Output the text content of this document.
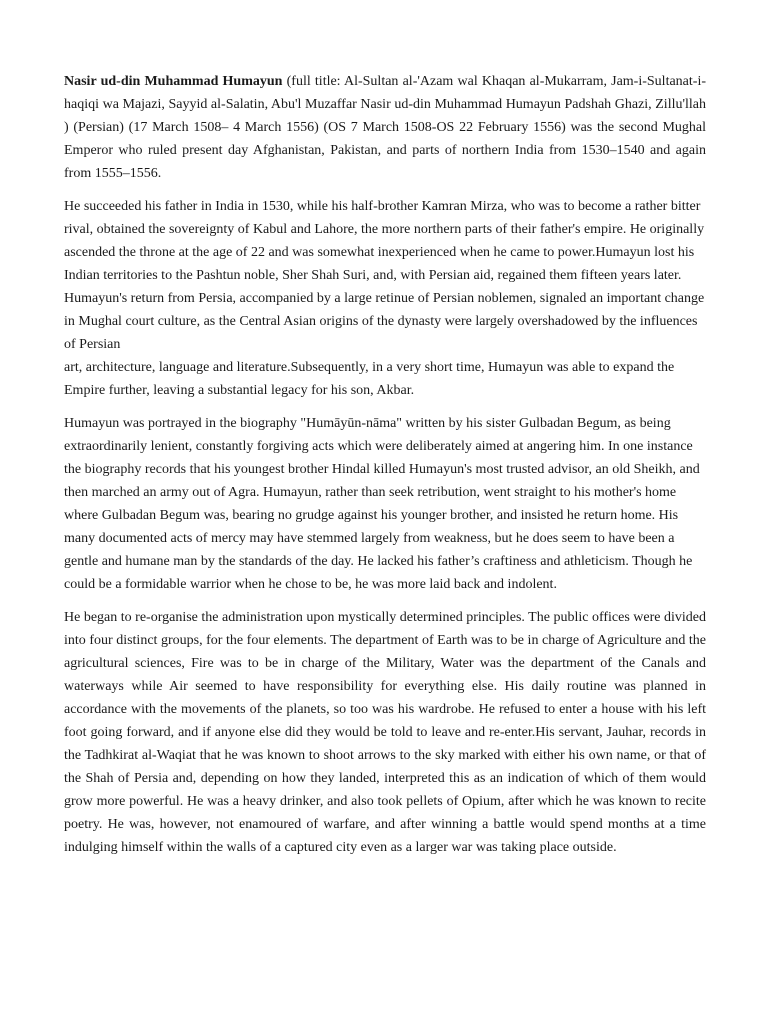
Nasir ud-din Muhammad Humayun (full title: Al-Sultan al-'Azam wal Khaqan al-Mukarram, Jam-i-Sultanat-i-haqiqi wa Majazi, Sayyid al-Salatin, Abu'l Muzaffar Nasir ud-din Muhammad Humayun Padshah Ghazi, Zillu'llah ) (Persian) (17 March 1508– 4 March 1556) (OS 7 March 1508-OS 22 February 1556) was the second Mughal Emperor who ruled present day Afghanistan, Pakistan, and parts of northern India from 1530–1540 and again from 1555–1556.

He succeeded his father in India in 1530, while his half-brother Kamran Mirza, who was to become a rather bitter rival, obtained the sovereignty of Kabul and Lahore, the more northern parts of their father's empire. He originally ascended the throne at the age of 22 and was somewhat inexperienced when he came to power.Humayun lost his Indian territories to the Pashtun noble, Sher Shah Suri, and, with Persian aid, regained them fifteen years later. Humayun's return from Persia, accompanied by a large retinue of Persian noblemen, signaled an important change in Mughal court culture, as the Central Asian origins of the dynasty were largely overshadowed by the influences of Persian
art, architecture, language and literature.Subsequently, in a very short time, Humayun was able to expand the Empire further, leaving a substantial legacy for his son, Akbar.

Humayun was portrayed in the biography "Humāyūn-nāma" written by his sister Gulbadan Begum, as being extraordinarily lenient, constantly forgiving acts which were deliberately aimed at angering him. In one instance the biography records that his youngest brother Hindal killed Humayun's most trusted advisor, an old Sheikh, and then marched an army out of Agra. Humayun, rather than seek retribution, went straight to his mother's home where Gulbadan Begum was, bearing no grudge against his younger brother, and insisted he return home. His many documented acts of mercy may have stemmed largely from weakness, but he does seem to have been a gentle and humane man by the standards of the day. He lacked his father’s craftiness and athleticism. Though he could be a formidable warrior when he chose to be, he was more laid back and indolent.

He began to re-organise the administration upon mystically determined principles. The public offices were divided into four distinct groups, for the four elements. The department of Earth was to be in charge of Agriculture and the agricultural sciences, Fire was to be in charge of the Military, Water was the department of the Canals and waterways while Air seemed to have responsibility for everything else. His daily routine was planned in accordance with the movements of the planets, so too was his wardrobe. He refused to enter a house with his left foot going forward, and if anyone else did they would be told to leave and re-enter.His servant, Jauhar, records in the Tadhkirat al-Waqiat that he was known to shoot arrows to the sky marked with either his own name, or that of the Shah of Persia and, depending on how they landed, interpreted this as an indication of which of them would grow more powerful. He was a heavy drinker, and also took pellets of Opium, after which he was known to recite poetry. He was, however, not enamoured of warfare, and after winning a battle would spend months at a time indulging himself within the walls of a captured city even as a larger war was taking place outside.
